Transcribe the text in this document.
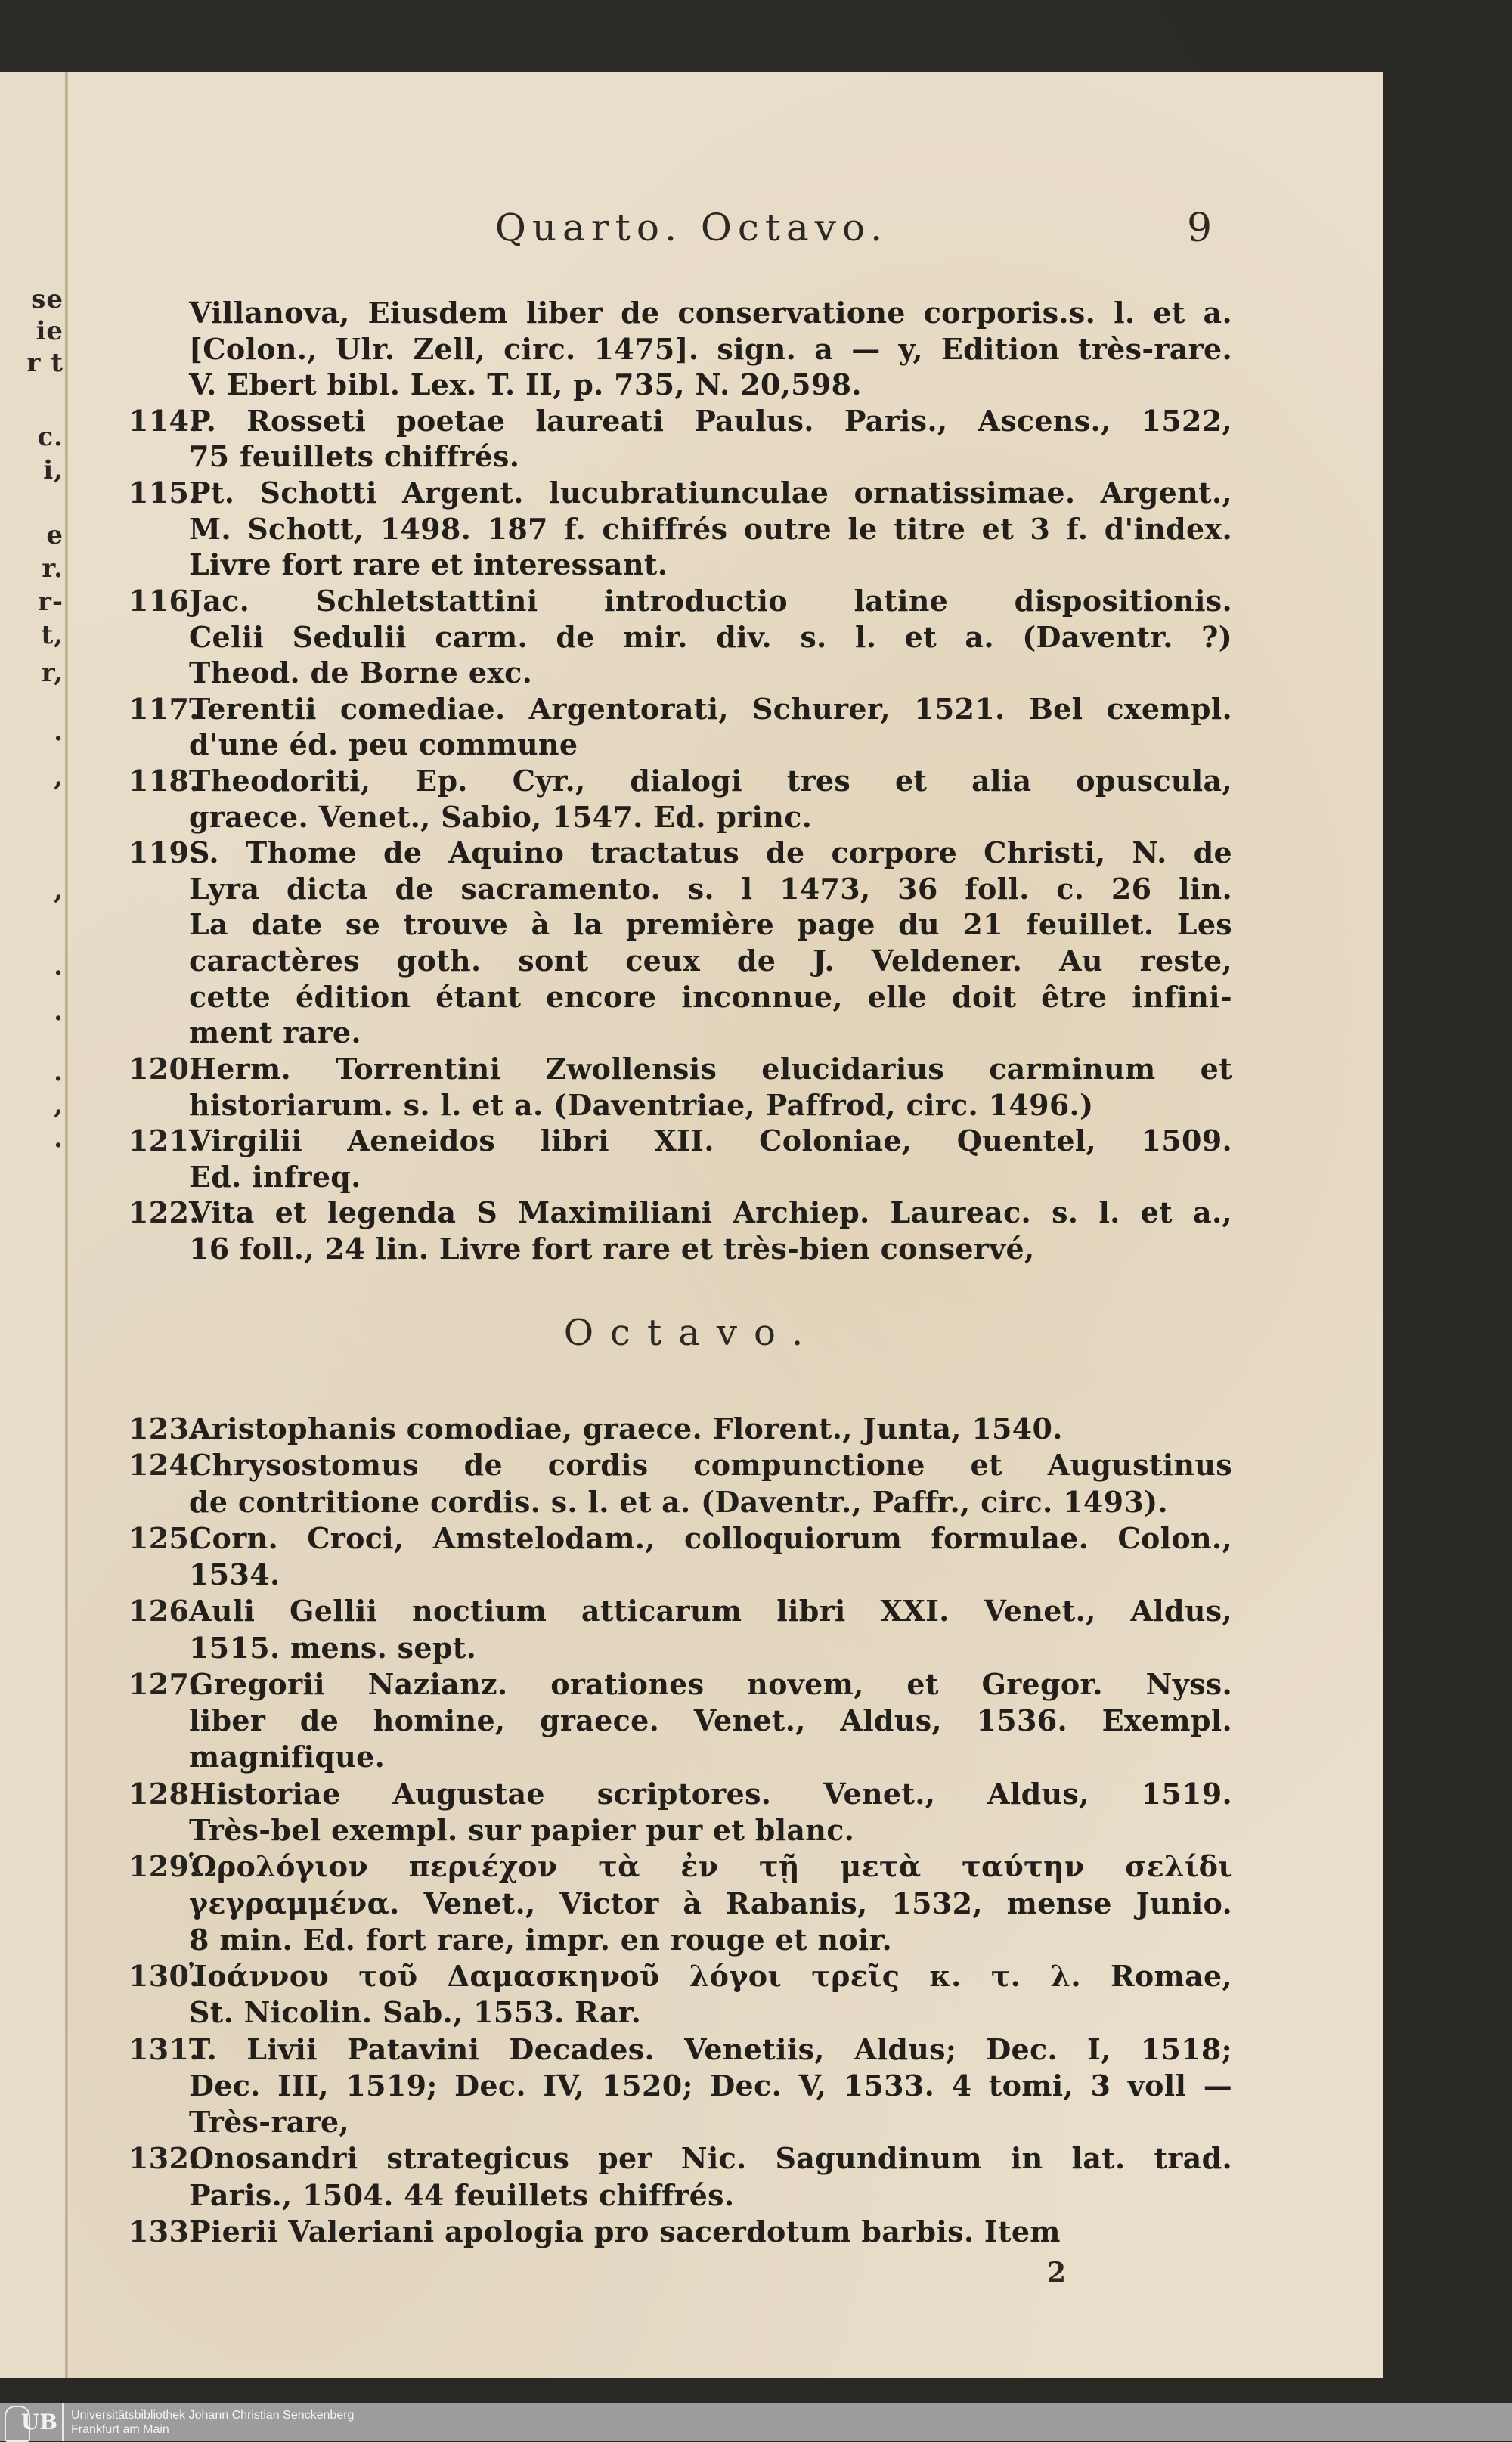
se
ie
r t
c.
i,
e
r.
r-
t,
r,
.
,
,
.
.
.
,
.
Quarto. Octavo.	9
Villanova, Eiusdem liber de conservatione corporis.s. l. et a.
[Colon., Ulr. Zell, circ. 1475]. sign. a — y, Edition très-rare.
V. Ebert bibl. Lex. T. II, p. 735, N. 20,598.
114.
P. Rosseti poetae laureati Paulus. Paris., Ascens., 1522,
75 feuillets chiffrés.
115.
Pt. Schotti Argent. lucubratiunculae ornatissimae. Argent.,
M. Schott, 1498. 187 f. chiffrés outre le titre et 3 f. d'index.
Livre fort rare et interessant.
116 Jac. Schletstattini introductio latine dispositionis.
Celii Sedulii carm. de mir. div. s. l. et a. (Daventr. ?)
Theod. de Borne exc.
117.
Terentii comediae. Argentorati, Schurer, 1521. Bel cxempl.
d'une éd. peu commune
118.
Theodoriti, Ep. Cyr., dialogi tres et alia opuscula,
graece. Venet., Sabio, 1547. Ed. princ.
119.
S. Thome de Aquino tractatus de corpore Christi, N. de
Lyra dicta de sacramento. s. l 1473, 36 foll. c. 26 lin.
La date se trouve à la première page du 21 feuillet. Les
caractères goth. sont ceux de J. Veldener. Au reste,
cette édition étant encore inconnue, elle doit être infini-
ment rare.
120.
Herm. Torrentini Zwollensis elucidarius carminum et
historiarum. s. l. et a. (Daventriae, Paffrod, circ. 1496.)
121.
Virgilii Aeneidos libri XII. Coloniae, Quentel, 1509.
Ed. infreq.
122.
Vita et legenda S Maximiliani Archiep. Laureac. s. l. et a.,
16 foll., 24 lin. Livre fort rare et très-bien conservé,
123.
Aristophanis comodiae, graece. Florent., Junta, 1540.
124.
Chrysostomus de cordis compunctione et Augustinus
de contritione cordis. s. l. et a. (Daventr., Paffr., circ. 1493).
125.
Corn. Croci, Amstelodam., colloquiorum formulae. Colon.,
1534.
126 Auli Gellii noctium atticarum libri XXI. Venet., Aldus,
1515. mens. sept.
127.
Gregorii Nazianz. orationes novem, et Gregor. Nyss.
liber de homine, graece. Venet., Aldus, 1536. Exempl.
magnifique.
128.
Historiae Augustae scriptores. Venet., Aldus, 1519.
Très-bel exempl. sur papier pur et blanc.
129.
Ὡρολόγιον περιέχον τὰ ἐν τῇ μετὰ ταύτην σελίδι
γεγραμμένα. Venet., Victor à Rabanis, 1532, mense Junio.
8 min. Ed. fort rare, impr. en rouge et noir.
130.
Ἰοάννου τοῦ Δαμασκηνοῦ λόγοι τρεῖς κ. τ. λ. Romae,
St. Nicolin. Sab., 1553. Rar.
131.
T. Livii Patavini Decades. Venetiis, Aldus; Dec. I, 1518;
Dec. III, 1519; Dec. IV, 1520; Dec. V, 1533. 4 tomi, 3 voll —
Très-rare,
132.
Onosandri strategicus per Nic. Sagundinum in lat. trad.
Paris., 1504. 44 feuillets chiffrés.
133 Pierii Valeriani apologia pro sacerdotum barbis. Item
Octavo.
2
UB	Universitätsbibliothek Johann Christian Senckenberg
Frankfurt am Main
